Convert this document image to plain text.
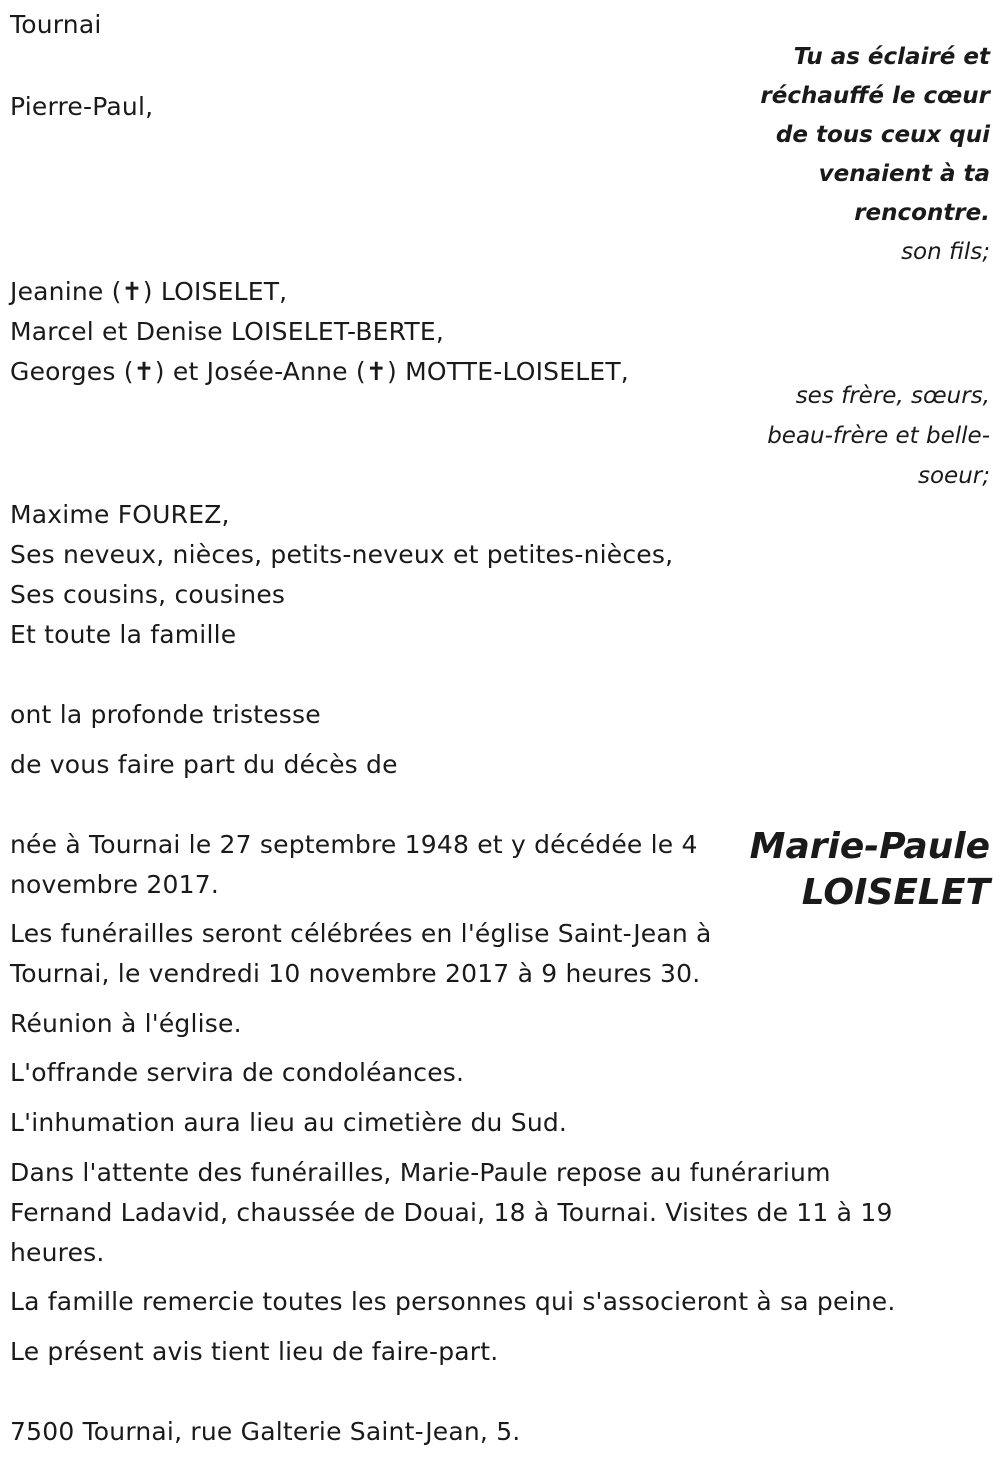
Tournai
Pierre-Paul,
Tu as éclairé et
réchauffé le cœur
de tous ceux qui
venaient à ta
rencontre.
son fils;
Jeanine (✝) LOISELET,
Marcel et Denise LOISELET-BERTE,
Georges (✝) et Josée-Anne (✝) MOTTE-LOISELET,
ses frère, sœurs,
beau-frère et belle-
soeur;
Maxime FOUREZ,
Ses neveux, nièces, petits-neveux et petites-nièces,
Ses cousins, cousines
Et toute la famille
ont la profonde tristesse
de vous faire part du décès de
Marie-Paule
LOISELET
née à Tournai le 27 septembre 1948 et y décédée le 4 novembre 2017.
Les funérailles seront célébrées en l'église Saint-Jean à Tournai, le vendredi 10 novembre 2017 à 9 heures 30.
Réunion à l'église.
L'offrande servira de condoléances.
L'inhumation aura lieu au cimetière du Sud.
Dans l'attente des funérailles, Marie-Paule repose au funérarium Fernand Ladavid, chaussée de Douai, 18 à Tournai. Visites de 11 à 19 heures.
La famille remercie toutes les personnes qui s'associeront à sa peine.
Le présent avis tient lieu de faire-part.
7500 Tournai, rue Galterie Saint-Jean, 5.
